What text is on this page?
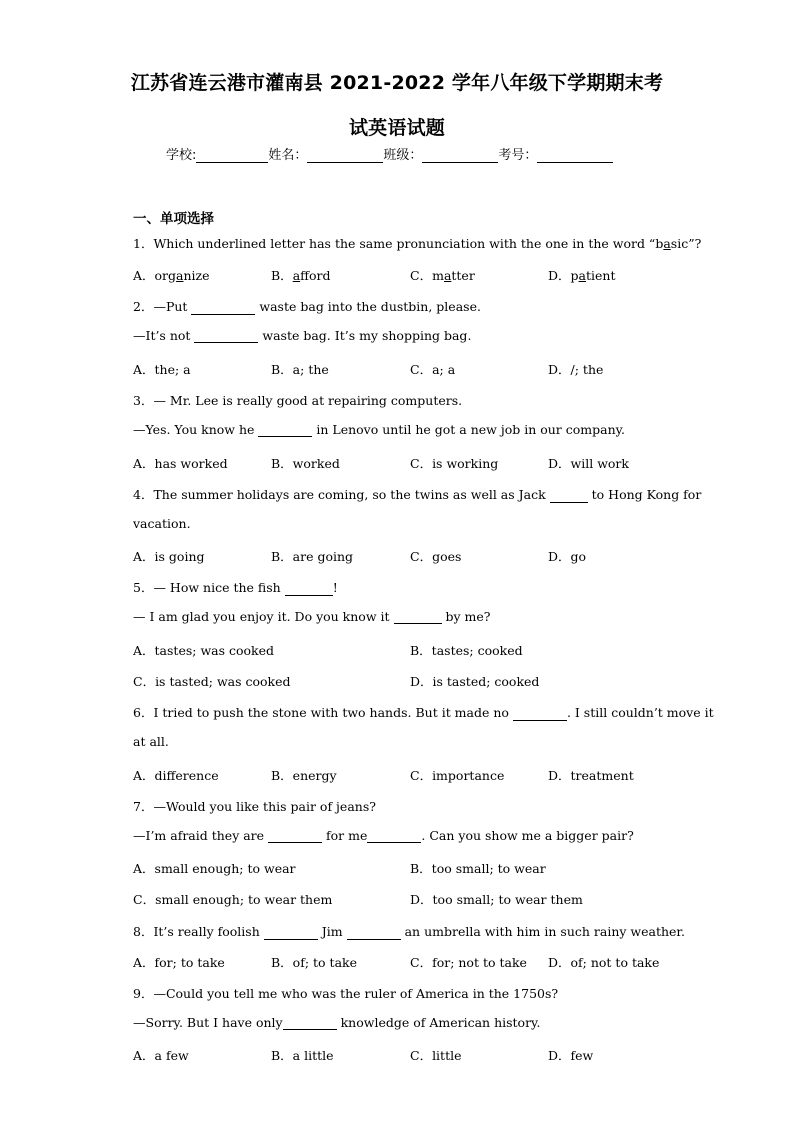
江苏省连云港市灌南县 2021-2022 学年八年级下学期期末考
试英语试题
学校:	姓名：	班级：	考号：
一、单项选择
1．Which underlined letter has the same pronunciation with the one in the word “basic”?
A．organize	B．afford	C．matter	D．patient
2．—Put	waste bag into the dustbin, please.
—It’s not	waste bag. It’s my shopping bag.
A．the; a	B．a; the	C．a; a	D．/; the
3．— Mr. Lee is really good at repairing computers.
—Yes. You know he	in Lenovo until he got a new job in our company.
A．has worked	B．worked	C．is working	D．will work
4．The summer holidays are coming, so the twins as well as Jack	to Hong Kong for
vacation.
A．is going	B．are going	C．goes	D．go
5．— How nice the fish	!
— I am glad you enjoy it. Do you know it	by me?
A．tastes; was cooked	B．tastes; cooked
C．is tasted; was cooked	D．is tasted; cooked
6．I tried to push the stone with two hands. But it made no	. I still couldn’t move it
at all.
A．difference	B．energy	C．importance	D．treatment
7．—Would you like this pair of jeans?
—I’m afraid they are	for me	. Can you show me a bigger pair?
A．small enough; to wear	B．too small; to wear
C．small enough; to wear them	D．too small; to wear them
8．It’s really foolish	Jim	an umbrella with him in such rainy weather.
A．for; to take	B．of; to take	C．for; not to take D．of; not to take
9．—Could you tell me who was the ruler of America in the 1750s?
—Sorry. But I have only	knowledge of American history.
A．a few	B．a little	C．little	D．few
